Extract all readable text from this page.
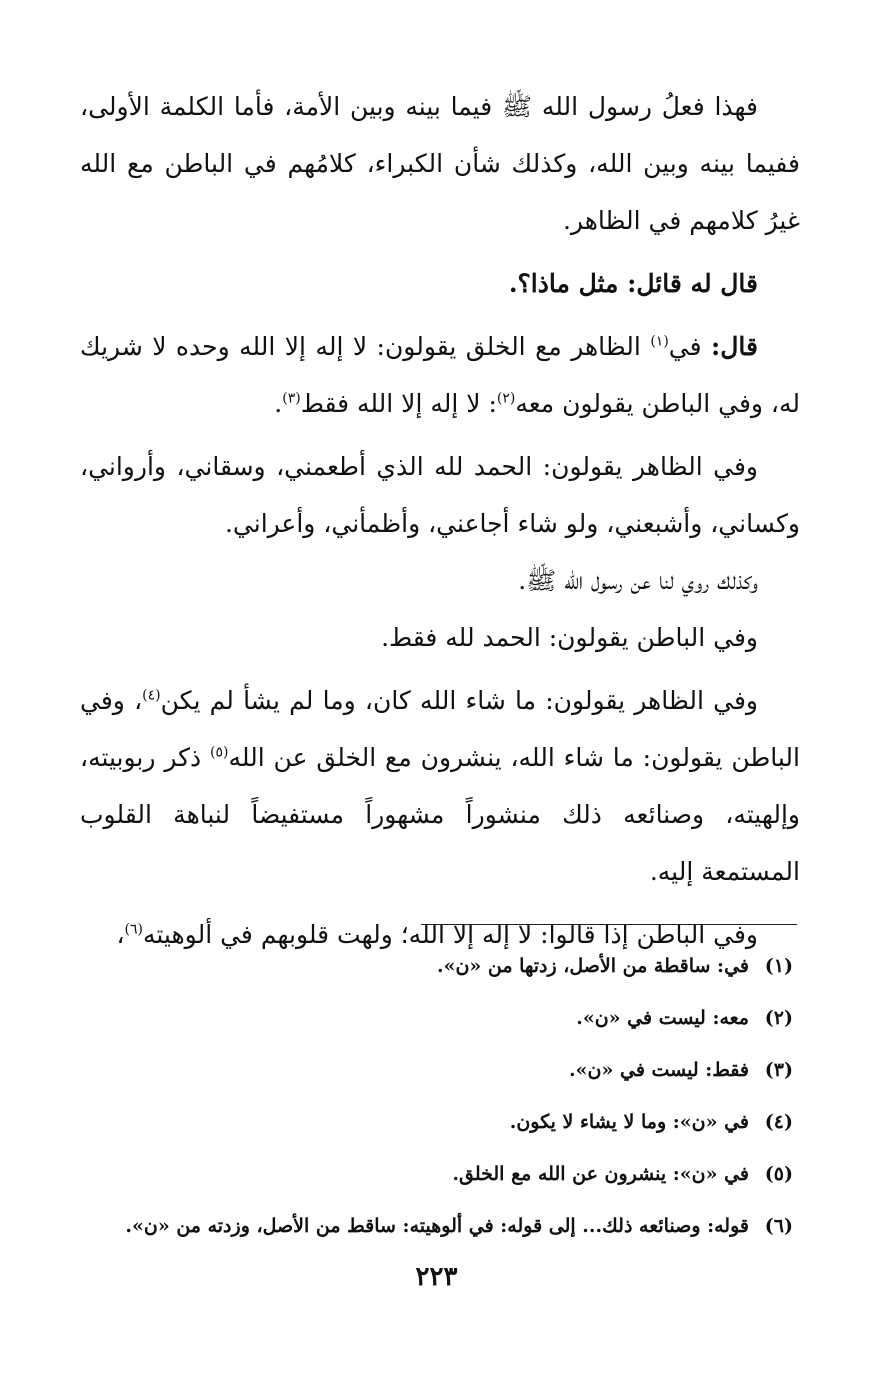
فهذا فعلُ رسول الله ﷺ فيما بينه وبين الأمة، فأما الكلمة الأولى، ففيما بينه وبين الله، وكذلك شأن الكبراء، كلامُهم في الباطن مع الله غيرُ كلامهم في الظاهر.

قال له قائل: مثل ماذا؟.

قال: في$^{(١)}$ الظاهر مع الخلق يقولون: لا إله إلا الله وحده لا شريك له، وفي الباطن يقولون معه$^{(٢)}$: لا إله إلا الله فقط$^{(٣)}$.

وفي الظاهر يقولون: الحمد لله الذي أطعمني، وسقاني، وأرواني، وكساني، وأشبعني، ولو شاء أجاعني، وأظمأني، وأعراني.

وكذلك روي لنا عن رسول الله ﷺ.

وفي الباطن يقولون: الحمد لله فقط.

وفي الظاهر يقولون: ما شاء الله كان، وما لم يشأ لم يكن$^{(٤)}$، وفي الباطن يقولون: ما شاء الله، ينشرون مع الخلق عن الله$^{(٥)}$ ذكر ربوبيته، وإلهيته، وصنائعه ذلك منشوراً مشهوراً مستفيضاً لنباهة القلوب المستمعة إليه.

وفي الباطن إذا قالوا: لا إله إلا الله؛ ولهت قلوبهم في ألوهيته$^{(٦)}$،

(١)في: ساقطة من الأصل، زدتها من «ن».
(٢)معه: ليست في «ن».
(٣)فقط: ليست في «ن».
(٤)في «ن»: وما لا يشاء لا يكون.
(٥)في «ن»: ينشرون عن الله مع الخلق.
(٦)قوله: وصنائعه ذلك... إلى قوله: في ألوهيته: ساقط من الأصل، وزدته من «ن».
٢٢٣
